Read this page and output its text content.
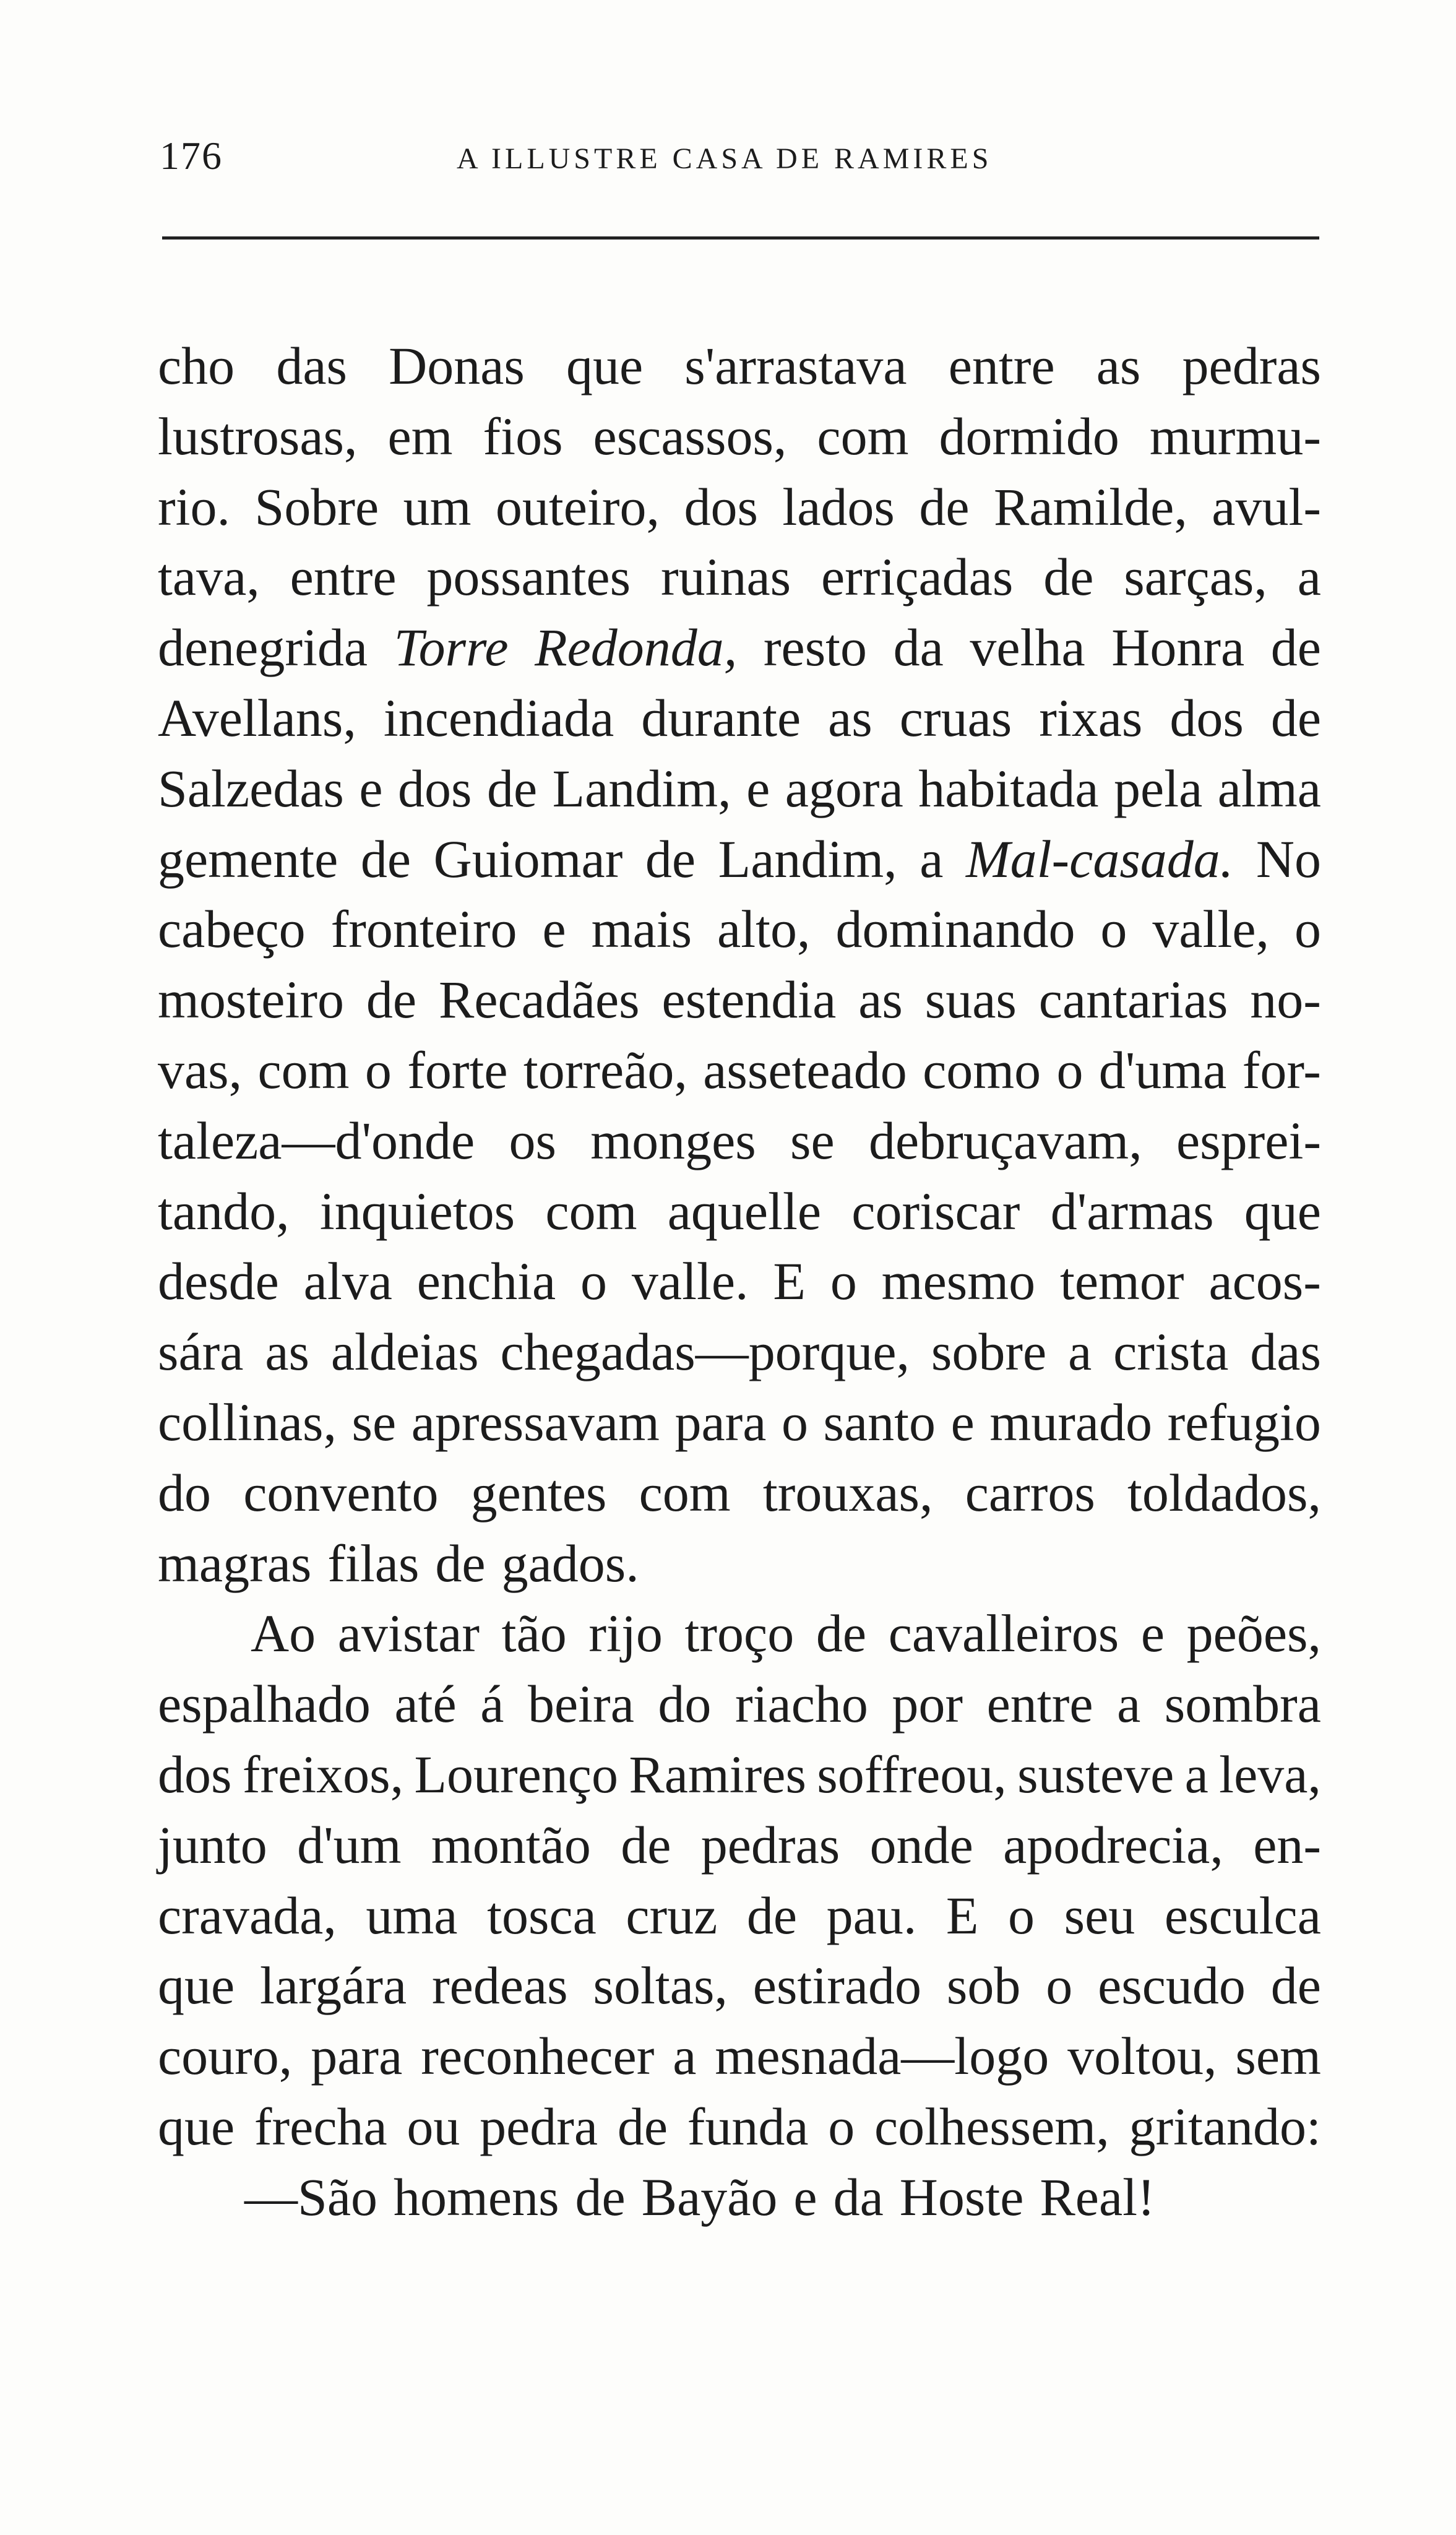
176	A ILLUSTRE CASA DE RAMIRES
cho das Donas que s'arrastava entre as pedras
lustrosas, em fios escassos, com dormido murmu-
rio. Sobre um outeiro, dos lados de Ramilde, avul-
tava, entre possantes ruinas erriçadas de sarças, a
denegrida Torre Redonda, resto da velha Honra de
Avellans, incendiada durante as cruas rixas dos de
Salzedas e dos de Landim, e agora habitada pela alma
gemente de Guiomar de Landim, a Mal-casada. No
cabeço fronteiro e mais alto, dominando o valle, o
mosteiro de Recadães estendia as suas cantarias no-
vas, com o forte torreão, asseteado como o d'uma for-
taleza—d'onde os monges se debruçavam, esprei-
tando, inquietos com aquelle coriscar d'armas que
desde alva enchia o valle. E o mesmo temor acos-
sára as aldeias chegadas—porque, sobre a crista das
collinas, se apressavam para o santo e murado refugio
do convento gentes com trouxas, carros toldados,
magras filas de gados.
Ao avistar tão rijo troço de cavalleiros e peões,
espalhado até á beira do riacho por entre a sombra
dos freixos, Lourenço Ramires soffreou, susteve a leva,
junto d'um montão de pedras onde apodrecia, en-
cravada, uma tosca cruz de pau. E o seu esculca
que largára redeas soltas, estirado sob o escudo de
couro, para reconhecer a mesnada—logo voltou, sem
que frecha ou pedra de funda o colhessem, gritando:
—São homens de Bayão e da Hoste Real!
